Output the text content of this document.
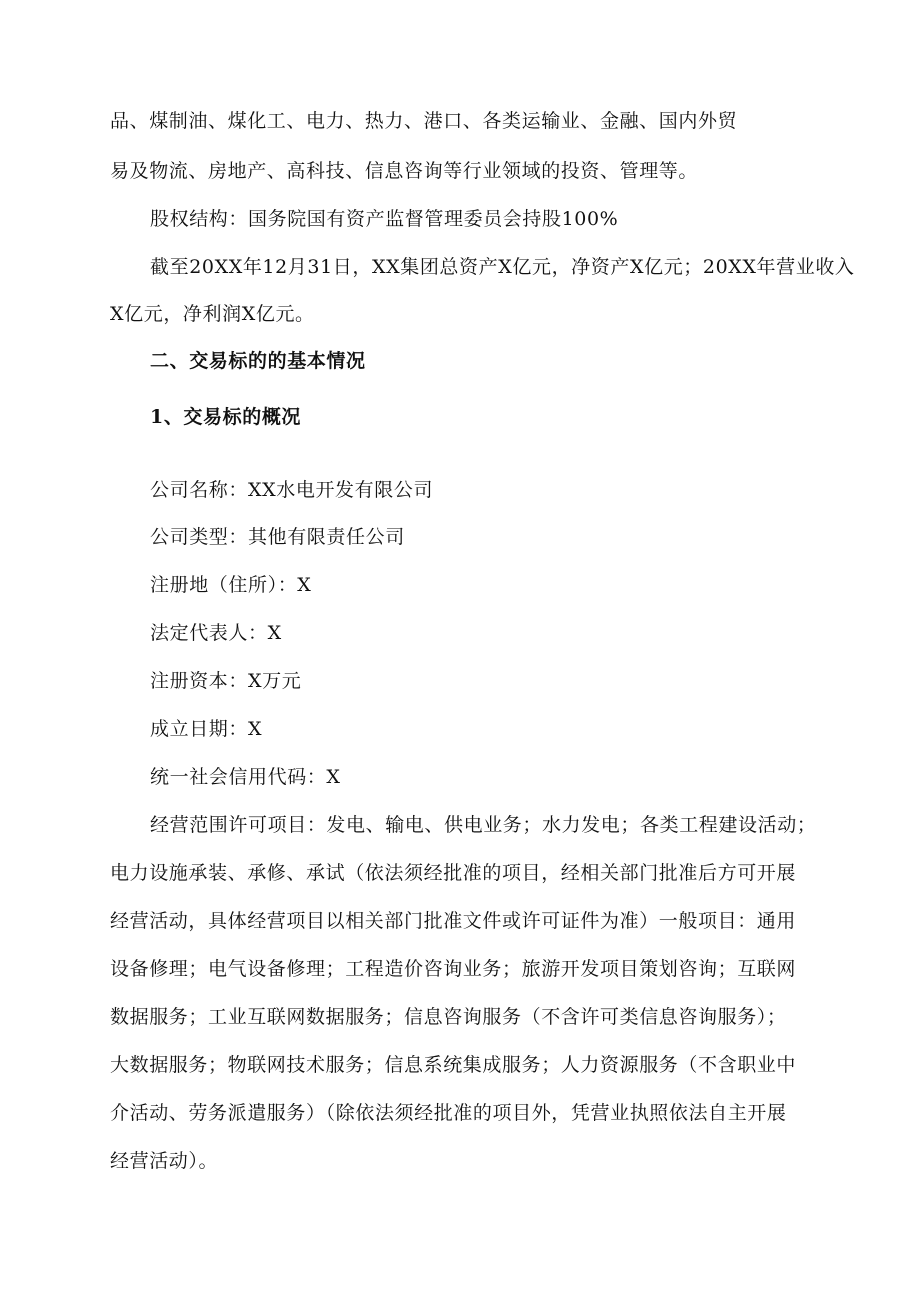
品、煤制油、煤化工、电力、热力、港口、各类运输业、金融、国内外贸
易及物流、房地产、高科技、信息咨询等行业领域的投资、管理等。
股权结构：国务院国有资产监督管理委员会持股100%
截至20XX年12月31日，XX集团总资产X亿元，净资产X亿元；20XX年营业收入
X亿元，净利润X亿元。
二、交易标的的基本情况
1、交易标的概况
公司名称：XX水电开发有限公司
公司类型：其他有限责任公司
注册地（住所）：X
法定代表人：X
注册资本：X万元
成立日期：X
统一社会信用代码：X
经营范围许可项目：发电、输电、供电业务；水力发电；各类工程建设活动；
电力设施承装、承修、承试（依法须经批准的项目，经相关部门批准后方可开展
经营活动，具体经营项目以相关部门批准文件或许可证件为准）一般项目：通用
设备修理；电气设备修理；工程造价咨询业务；旅游开发项目策划咨询；互联网
数据服务；工业互联网数据服务；信息咨询服务（不含许可类信息咨询服务）；
大数据服务；物联网技术服务；信息系统集成服务；人力资源服务（不含职业中
介活动、劳务派遣服务）（除依法须经批准的项目外，凭营业执照依法自主开展
经营活动）。
